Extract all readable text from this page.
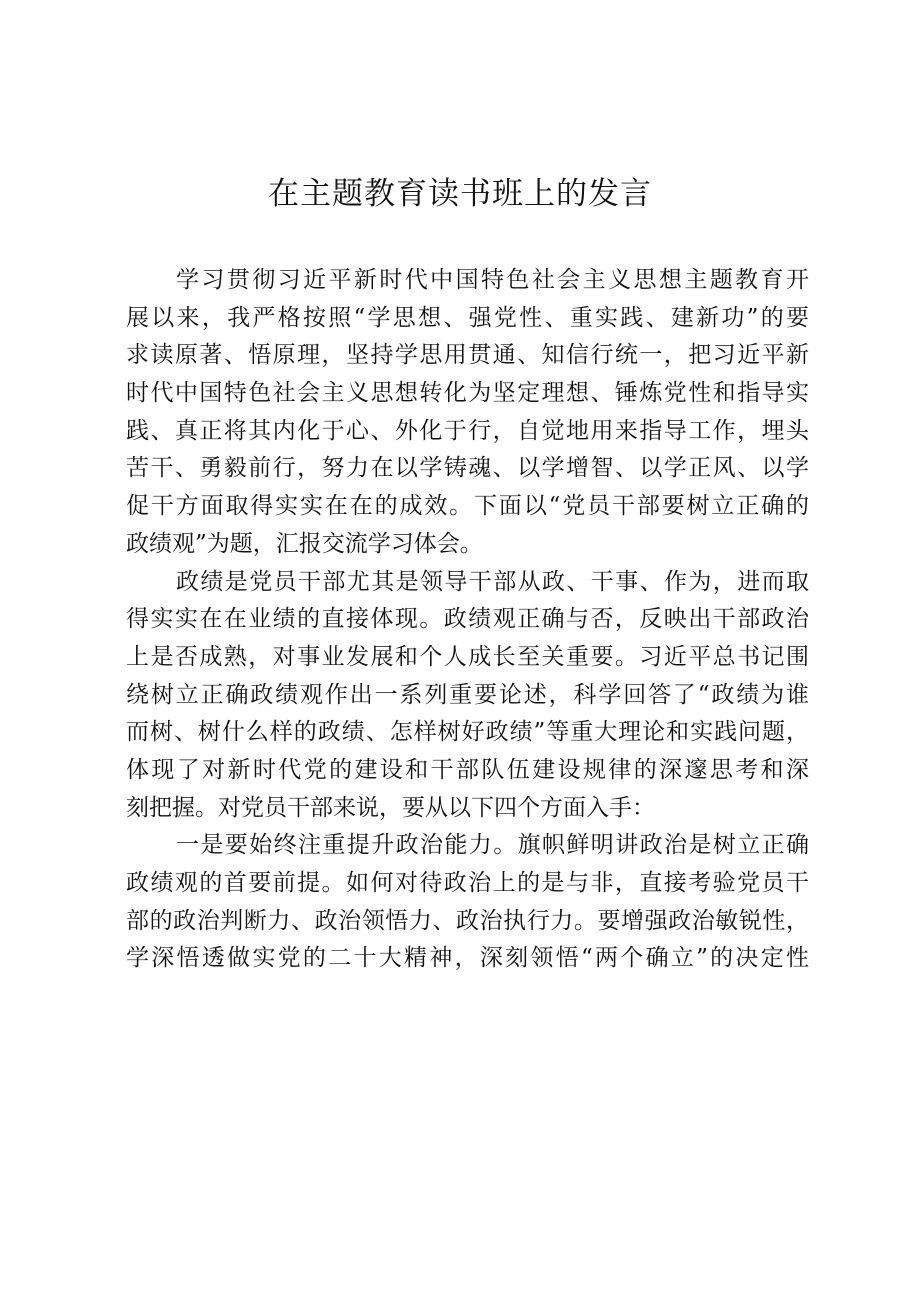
在主题教育读书班上的发言
学习贯彻习近平新时代中国特色社会主义思想主题教育开
展以来，我严格按照“学思想、强党性、重实践、建新功”的要
求读原著、悟原理，坚持学思用贯通、知信行统一，把习近平新
时代中国特色社会主义思想转化为坚定理想、锤炼党性和指导实
践、真正将其内化于心、外化于行，自觉地用来指导工作，埋头
苦干、勇毅前行，努力在以学铸魂、以学增智、以学正风、以学
促干方面取得实实在在的成效。下面以“党员干部要树立正确的
政绩观”为题，汇报交流学习体会。
政绩是党员干部尤其是领导干部从政、干事、作为，进而取
得实实在在业绩的直接体现。政绩观正确与否，反映出干部政治
上是否成熟，对事业发展和个人成长至关重要。习近平总书记围
绕树立正确政绩观作出一系列重要论述，科学回答了“政绩为谁
而树、树什么样的政绩、怎样树好政绩”等重大理论和实践问题，
体现了对新时代党的建设和干部队伍建设规律的深邃思考和深
刻把握。对党员干部来说，要从以下四个方面入手：
一是要始终注重提升政治能力。旗帜鲜明讲政治是树立正确
政绩观的首要前提。如何对待政治上的是与非，直接考验党员干
部的政治判断力、政治领悟力、政治执行力。要增强政治敏锐性，
学深悟透做实党的二十大精神，深刻领悟“两个确立”的决定性
